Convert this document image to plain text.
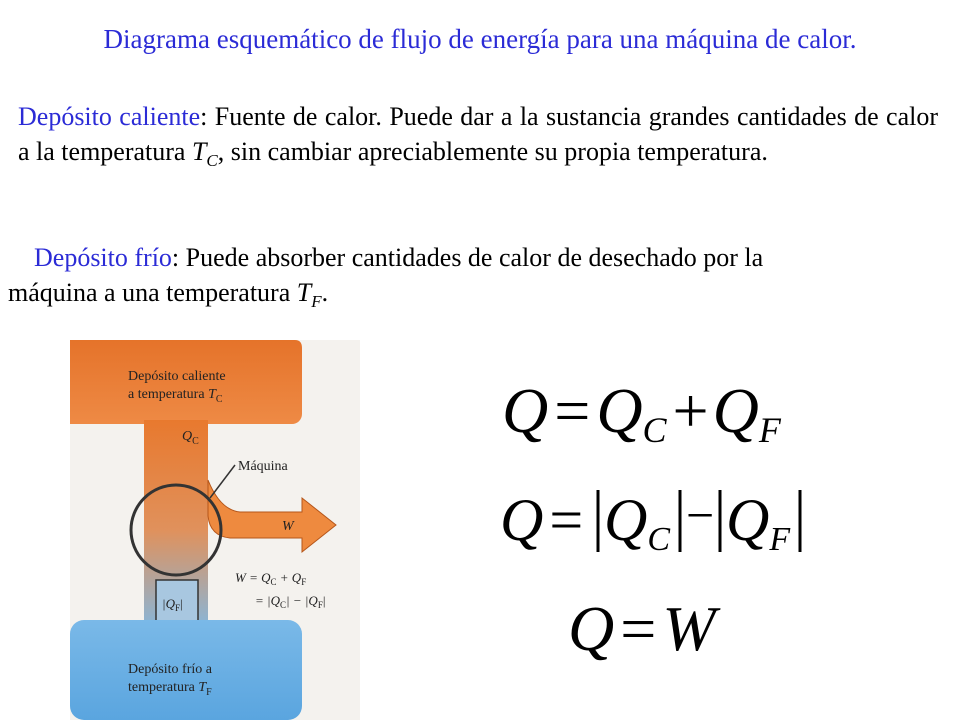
Diagrama esquemático de flujo de energía para una máquina de calor.
Depósito caliente: Fuente de calor. Puede dar a la sustancia grandes cantidades de calor a la temperatura $T_C$, sin cambiar apreciablemente su propia temperatura.
Depósito frío: Puede absorber cantidades de calor de desechado por la
máquina a una temperatura $T_F$.
Depósito caliente
a temperatura $T_C$
$Q_C$
Máquina
W
$W = Q_C + Q_F$
= $|Q_C| - |Q_F|$
$|Q_F|$
Depósito frío a
temperatura $T_F$
Q=QC+QF
Q = QC − QF
Q=W
